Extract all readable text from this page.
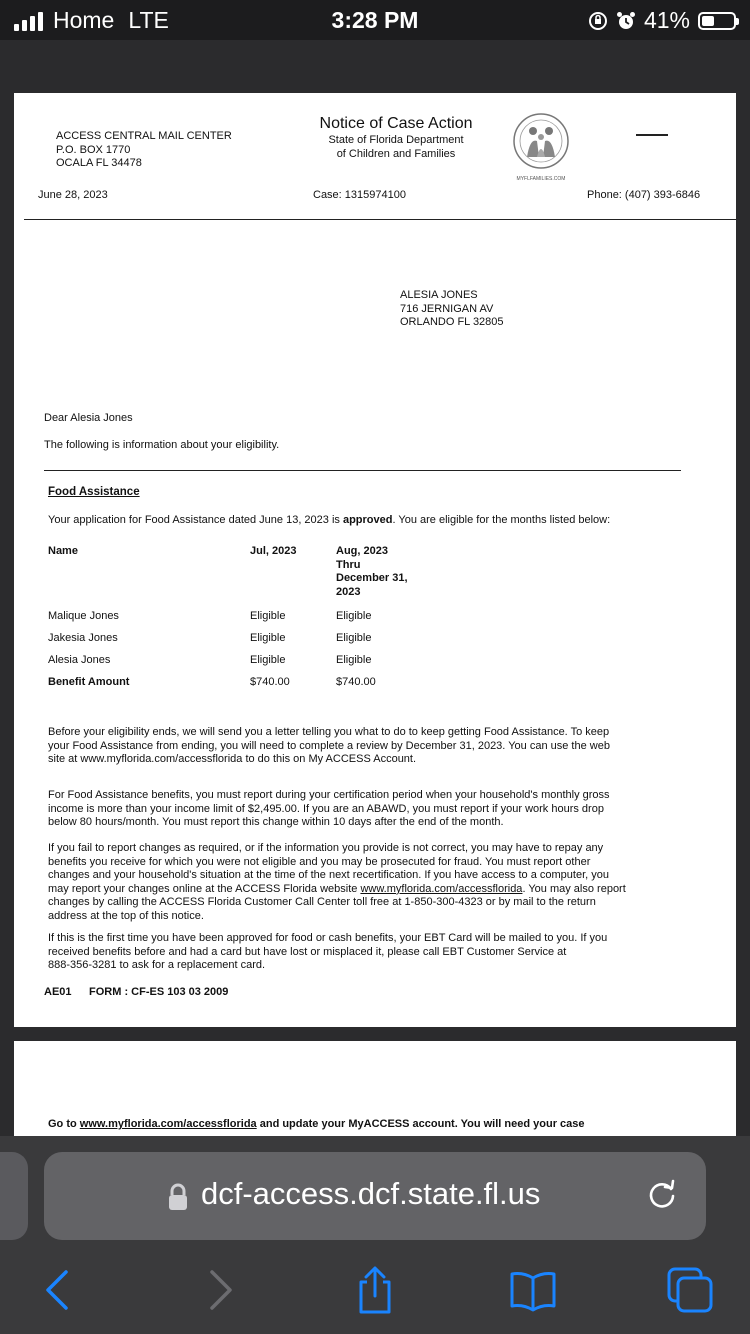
Home LTE	3:28 PM	41%
ACCESS CENTRAL MAIL CENTER
P.O. BOX 1770
OCALA FL 34478
Notice of Case Action
State of Florida Department
of Children and Families
MYFLFAMILIES.COM
June 28, 2023	Case: 1315974100	Phone: (407) 393-6846
ALESIA JONES
716 JERNIGAN AV
ORLANDO FL 32805
Dear Alesia Jones
The following is information about your eligibility.
Food Assistance
Your application for Food Assistance dated June 13, 2023 is approved. You are eligible for the months listed below:
Name	Jul, 2023	Aug, 2023
Thru
December 31,
2023
Malique Jones	Eligible	Eligible
Jakesia Jones	Eligible	Eligible
Alesia Jones	Eligible	Eligible
Benefit Amount	$740.00	$740.00
Before your eligibility ends, we will send you a letter telling you what to do to keep getting Food Assistance. To keep
your Food Assistance from ending, you will need to complete a review by December 31, 2023. You can use the web
site at www.myflorida.com/accessflorida to do this on My ACCESS Account.
For Food Assistance benefits, you must report during your certification period when your household's monthly gross
income is more than your income limit of $2,495.00. If you are an ABAWD, you must report if your work hours drop
below 80 hours/month. You must report this change within 10 days after the end of the month.
If you fail to report changes as required, or if the information you provide is not correct, you may have to repay any
benefits you receive for which you were not eligible and you may be prosecuted for fraud. You must report other
changes and your household's situation at the time of the next recertification. If you have access to a computer, you
may report your changes online at the ACCESS Florida website www.myflorida.com/accessflorida. You may also report
changes by calling the ACCESS Florida Customer Call Center toll free at 1-850-300-4323 or by mail to the return
address at the top of this notice.
If this is the first time you have been approved for food or cash benefits, your EBT Card will be mailed to you. If you
received benefits before and had a card but have lost or misplaced it, please call EBT Customer Service at
888-356-3281 to ask for a replacement card.
AE01 FORM : CF-ES 103 03 2009
Go to www.myflorida.com/accessflorida and update your MyACCESS account. You will need your case
dcf-access.dcf.state.fl.us
